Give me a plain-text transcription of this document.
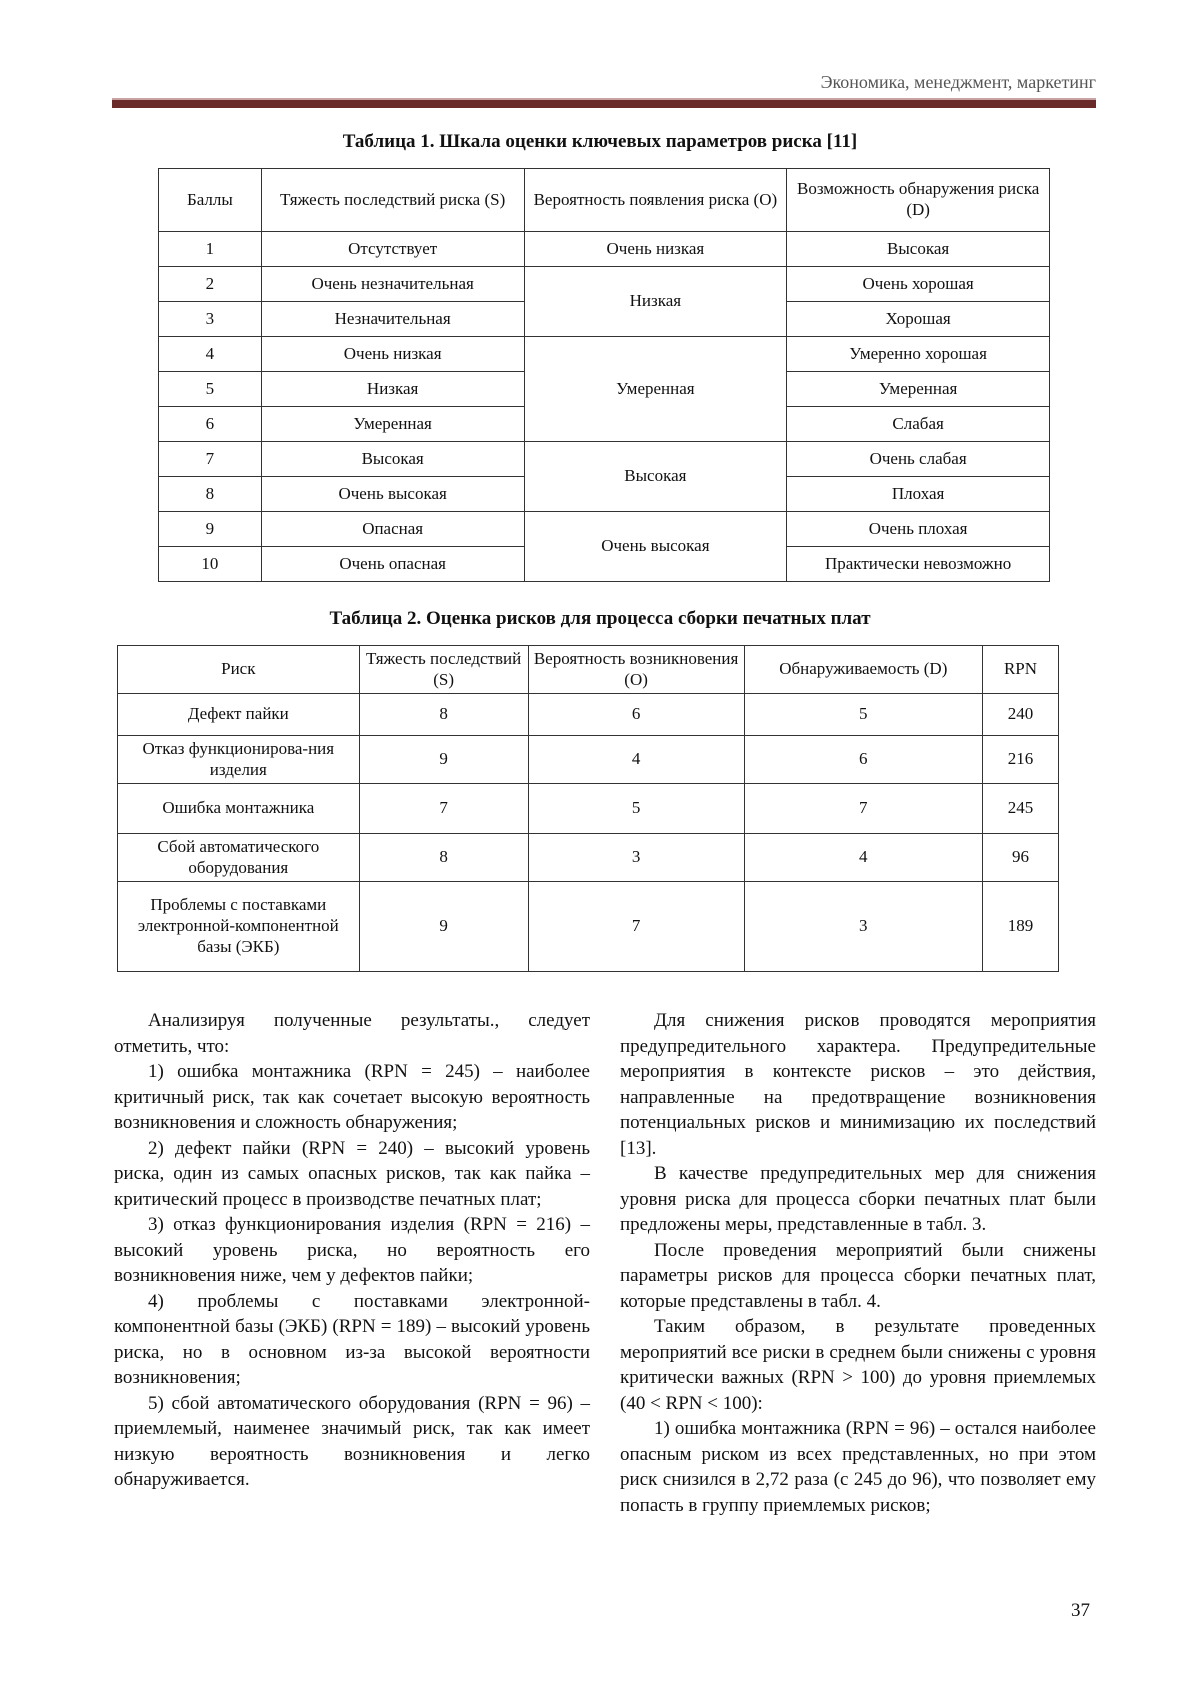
Экономика, менеджмент, маркетинг
Таблица 1. Шкала оценки ключевых параметров риска [11]
Баллы	Тяжесть последствий риска (S)	Вероятность появления риска (O)	Возможность обнаружения риска (D)
1	Отсутствует	Очень низкая	Высокая
2	Очень незначительная	Низкая	Очень хорошая
3	Незначительная		Хорошая
4	Очень низкая	Умеренная	Умеренно хорошая
5	Низкая		Умеренная
6	Умеренная		Слабая
7	Высокая	Высокая	Очень слабая
8	Очень высокая		Плохая
9	Опасная	Очень высокая	Очень плохая
10	Очень опасная		Практически невозможно
Таблица 2. Оценка рисков для процесса сборки печатных плат
Риск	Тяжесть последствий (S)	Вероятность возникновения (O)	Обнаруживаемость (D)	RPN
Дефект пайки	8	6	5	240
Отказ функционирова-ния изделия	9	4	6	216
Ошибка монтажника	7	5	7	245
Сбой автоматического оборудования	8	3	4	96
Проблемы с поставками электронной-компонентной базы (ЭКБ)	9	7	3	189

Анализируя полученные результаты., следует отметить, что:

1) ошибка монтажника (RPN = 245) – наиболее критичный риск, так как сочетает высокую вероятность возникновения и сложность обнаружения;

2) дефект пайки (RPN = 240) – высокий уровень риска, один из самых опасных рисков, так как пайка – критический процесс в производстве печатных плат;

3) отказ функционирования изделия (RPN = 216) – высокий уровень риска, но вероятность его возникновения ниже, чем у дефектов пайки;

4) проблемы с поставками электронной-компонентной базы (ЭКБ) (RPN = 189) – высокий уровень риска, но в основном из-за высокой вероятности возникновения;

5) сбой автоматического оборудования (RPN = 96) – приемлемый, наименее значимый риск, так как имеет низкую вероятность возникновения и легко обнаруживается.

Для снижения рисков проводятся мероприятия предупредительного характера. Предупредительные мероприятия в контексте рисков – это действия, направленные на предотвращение возникновения потенциальных рисков и минимизацию их последствий [13].

В качестве предупредительных мер для снижения уровня риска для процесса сборки печатных плат были предложены меры, представленные в табл. 3.

После проведения мероприятий были снижены параметры рисков для процесса сборки печатных плат, которые представлены в табл. 4.

Таким образом, в результате проведенных мероприятий все риски в среднем были снижены с уровня критически важных (RPN > 100) до уровня приемлемых (40 < RPN < 100):

1) ошибка монтажника (RPN = 96) – остался наиболее опасным риском из всех представленных, но при этом риск снизился в 2,72 раза (с 245 до 96), что позволяет ему попасть в группу приемлемых рисков;

37
